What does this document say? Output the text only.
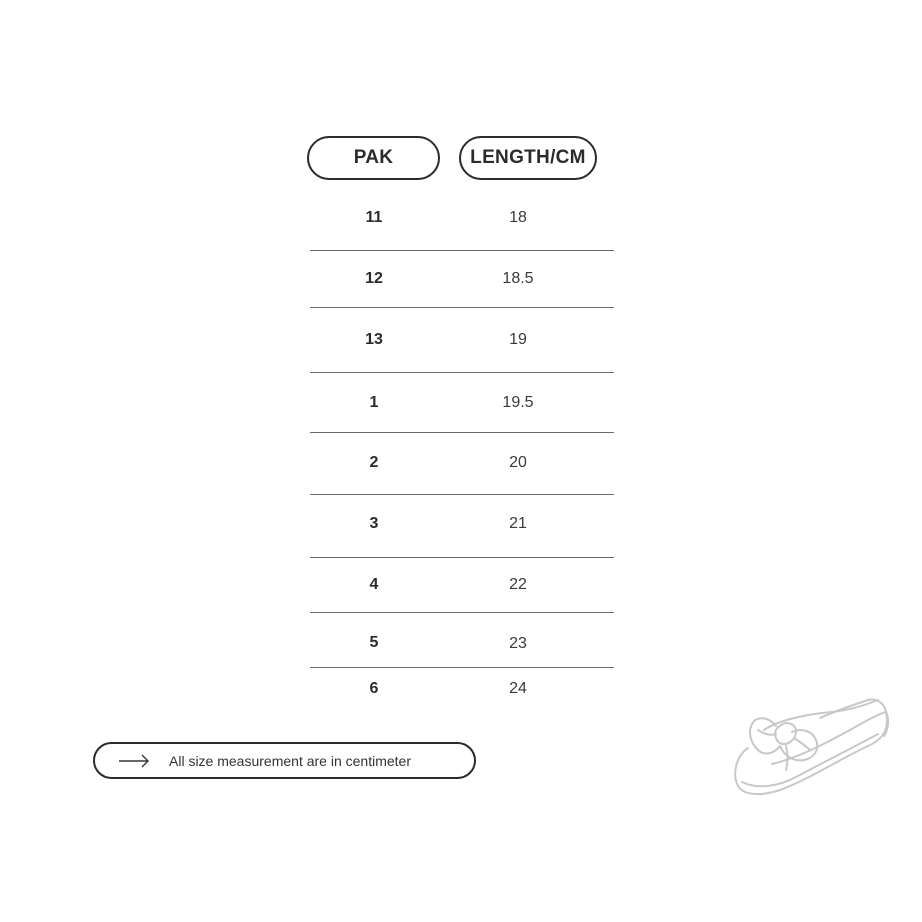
PAK	LENGTH/CM
11	18
12	18.5
13	19
1	19.5
2	20
3	21
4	22
5	23
6	24
All size measurement are in centimeter
